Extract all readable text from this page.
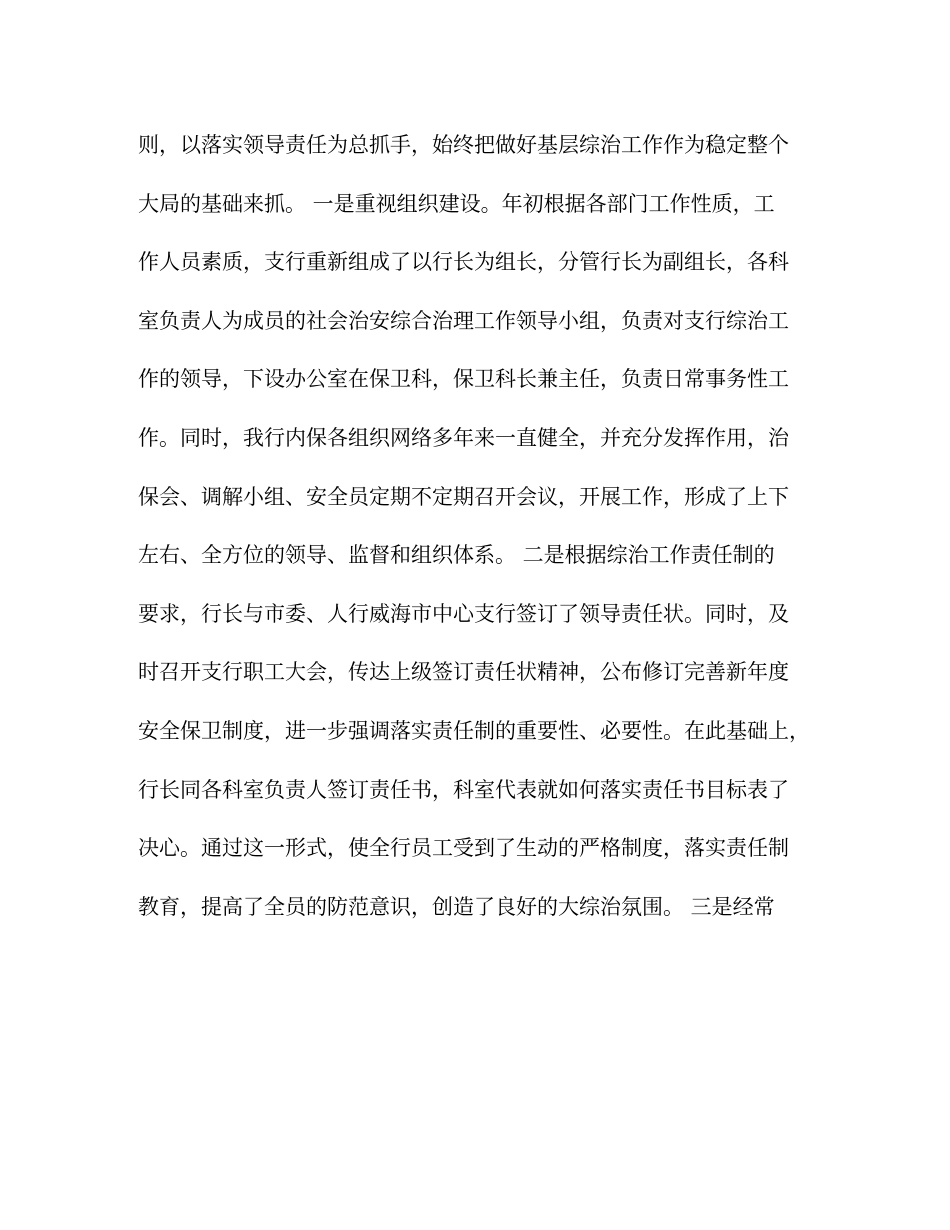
则，以落实领导责任为总抓手，始终把做好基层综治工作作为稳定整个
大局的基础来抓。 一是重视组织建设。年初根据各部门工作性质，工
作人员素质，支行重新组成了以行长为组长，分管行长为副组长，各科
室负责人为成员的社会治安综合治理工作领导小组，负责对支行综治工
作的领导，下设办公室在保卫科，保卫科长兼主任，负责日常事务性工
作。同时，我行内保各组织网络多年来一直健全，并充分发挥作用，治
保会、调解小组、安全员定期不定期召开会议，开展工作，形成了上下
左右、全方位的领导、监督和组织体系。 二是根据综治工作责任制的
要求，行长与市委、人行威海市中心支行签订了领导责任状。同时，及
时召开支行职工大会，传达上级签订责任状精神，公布修订完善新年度
安全保卫制度，进一步强调落实责任制的重要性、必要性。在此基础上，
行长同各科室负责人签订责任书，科室代表就如何落实责任书目标表了
决心。通过这一形式，使全行员工受到了生动的严格制度，落实责任制
教育，提高了全员的防范意识，创造了良好的大综治氛围。 三是经常
